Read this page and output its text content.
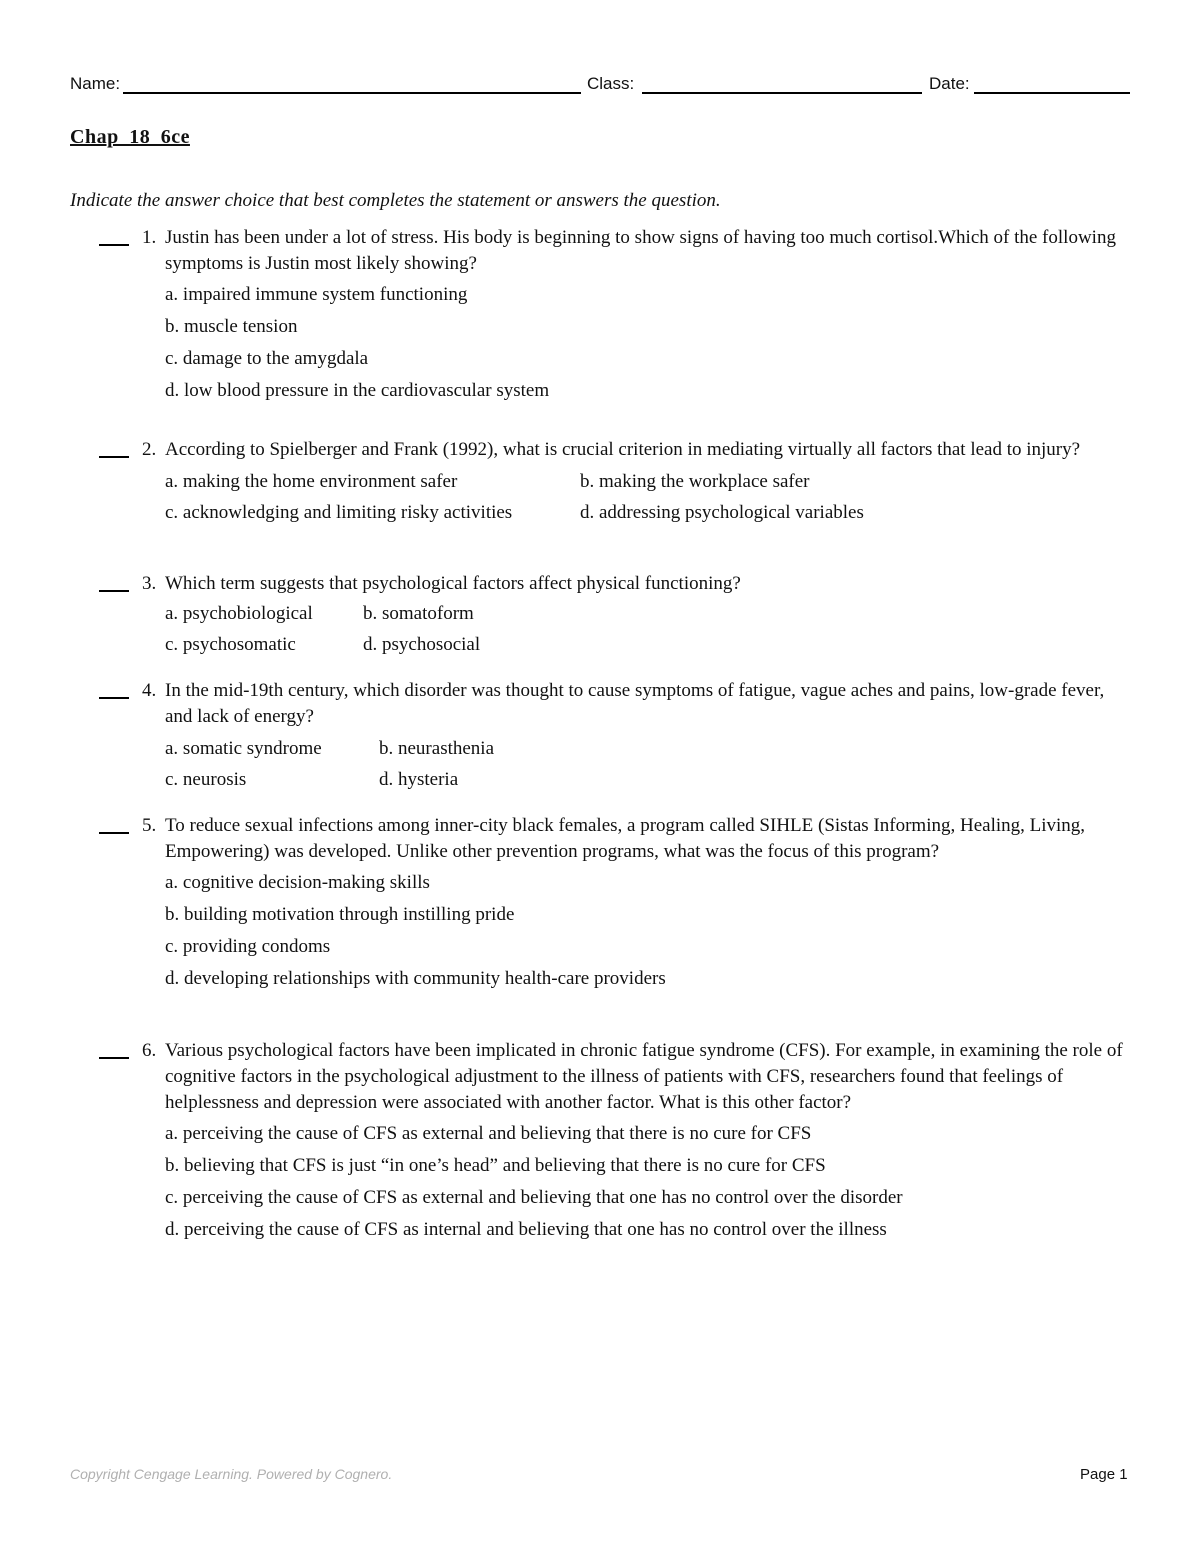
Name:	Class:	Date:
Chap_18_6ce
Indicate the answer choice that best completes the statement or answers the question.
1. Justin has been under a lot of stress. His body is beginning to show signs of having too much cortisol.Which of the following symptoms is Justin most likely showing?
a. impaired immune system functioning
b. muscle tension
c. damage to the amygdala
d. low blood pressure in the cardiovascular system
2. According to Spielberger and Frank (1992), what is crucial criterion in mediating virtually all factors that lead to injury?
a. making the home environment safer	b. making the workplace safer
c. acknowledging and limiting risky activities	d. addressing psychological variables
3. Which term suggests that psychological factors affect physical functioning?
a. psychobiological	b. somatoform
c. psychosomatic	d. psychosocial
4. In the mid-19th century, which disorder was thought to cause symptoms of fatigue, vague aches and pains, low-grade fever, and lack of energy?
a. somatic syndrome	b. neurasthenia
c. neurosis	d. hysteria
5. To reduce sexual infections among inner-city black females, a program called SIHLE (Sistas Informing, Healing, Living, Empowering) was developed. Unlike other prevention programs, what was the focus of this program?
a. cognitive decision-making skills
b. building motivation through instilling pride
c. providing condoms
d. developing relationships with community health-care providers
6. Various psychological factors have been implicated in chronic fatigue syndrome (CFS). For example, in examining the role of cognitive factors in the psychological adjustment to the illness of patients with CFS, researchers found that feelings of helplessness and depression were associated with another factor. What is this other factor?
a. perceiving the cause of CFS as external and believing that there is no cure for CFS
b. believing that CFS is just “in one’s head” and believing that there is no cure for CFS
c. perceiving the cause of CFS as external and believing that one has no control over the disorder
d. perceiving the cause of CFS as internal and believing that one has no control over the illness
Copyright Cengage Learning. Powered by Cognero.	Page 1
